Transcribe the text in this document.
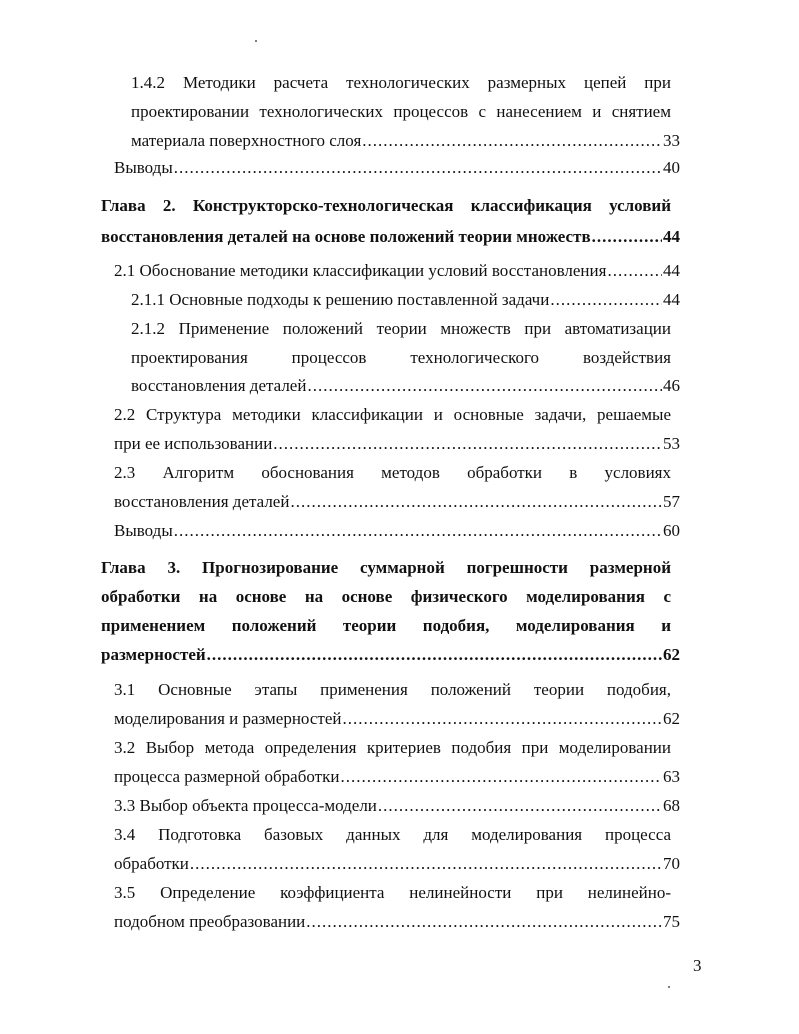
1.4.2 Методики расчета технологических размерных цепей при
проектировании технологических процессов с нанесением и снятием
материала поверхностного слоя .....	33
Выводы .....	40
Глава 2. Конструкторско-технологическая классификация условий
восстановления деталей на основе положений теории множеств .....	44
2.1 Обоснование методики классификации условий восстановления .....	44
2.1.1 Основные подходы к решению поставленной задачи .....	44
2.1.2 Применение положений теории множеств при автоматизации
проектирования процессов технологического воздействия
восстановления деталей .....	46
2.2 Структура методики классификации и основные задачи, решаемые
при ее использовании .....	53
2.3 Алгоритм обоснования методов обработки в условиях
восстановления деталей .....	57
Выводы .....	60
Глава 3. Прогнозирование суммарной погрешности размерной
обработки на основе на основе физического моделирования с
применением положений теории подобия, моделирования и
размерностей .....	62
3.1 Основные этапы применения положений теории подобия,
моделирования и размерностей .....	62
3.2 Выбор метода определения критериев подобия при моделировании
процесса размерной обработки .....	63
3.3 Выбор объекта процесса-модели .....	68
3.4 Подготовка базовых данных для моделирования процесса
обработки .....	70
3.5 Определение коэффициента нелинейности при нелинейно-
подобном преобразовании .....	75
3
